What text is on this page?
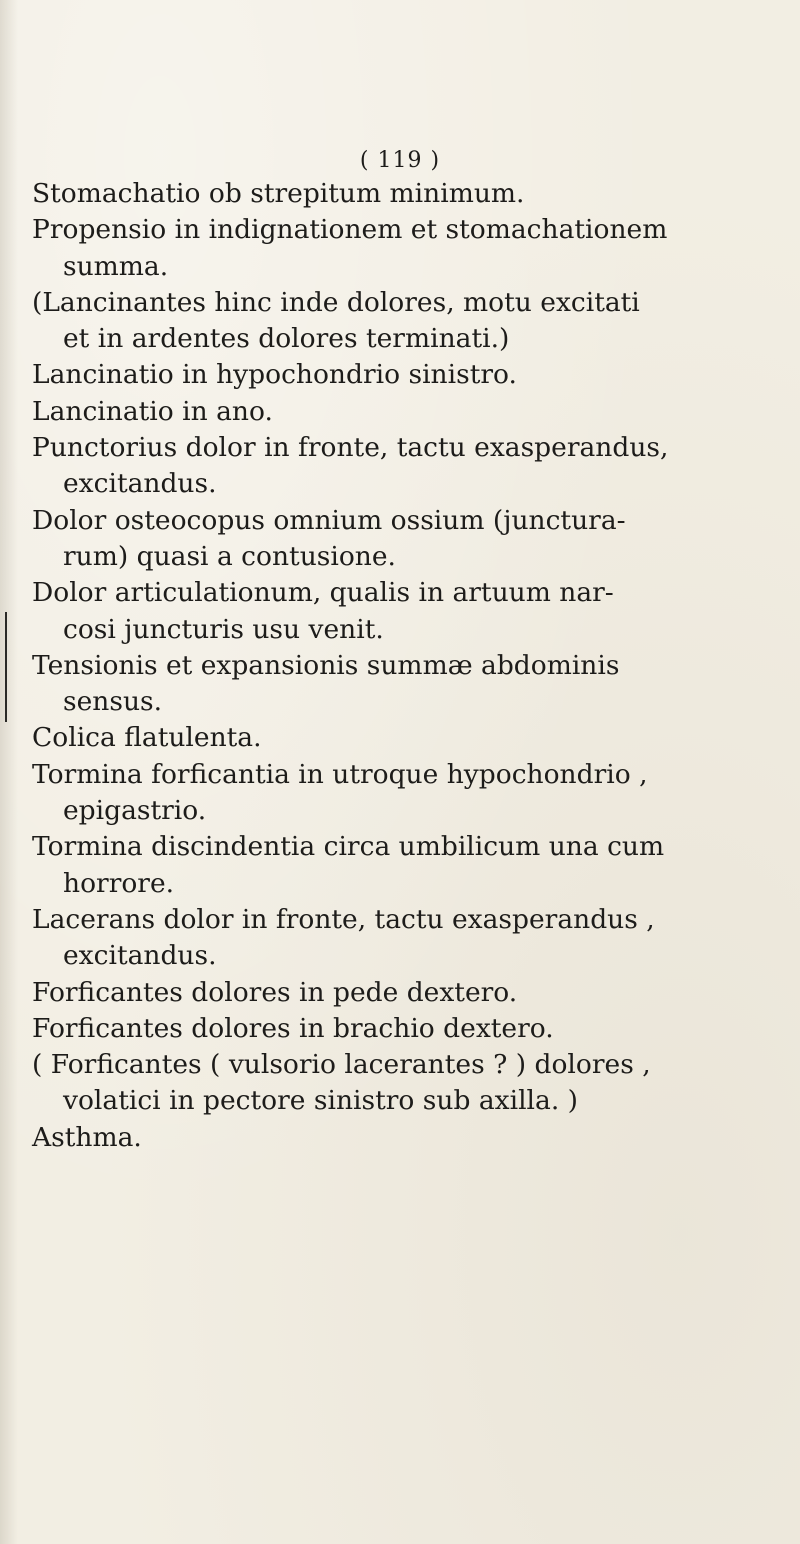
( 119 )
Stomachatio ob strepitum minimum.
Propensio in indignationem et stomachationem
summa.
(Lancinantes hinc inde dolores, motu excitati
et in ardentes dolores terminati.)
Lancinatio in hypochondrio sinistro.
Lancinatio in ano.
Punctorius dolor in fronte, tactu exasperandus,
excitandus.
Dolor osteocopus omnium ossium (junctura-
rum) quasi a contusione.
Dolor articulationum, qualis in artuum nar-
cosi juncturis usu venit.
Tensionis et expansionis summæ abdominis
sensus.
Colica flatulenta.
Tormina forficantia in utroque hypochondrio ,
epigastrio.
Tormina discindentia circa umbilicum una cum
horrore.
Lacerans dolor in fronte, tactu exasperandus ,
excitandus.
Forficantes dolores in pede dextero.
Forficantes dolores in brachio dextero.
( Forficantes ( vulsorio lacerantes ? ) dolores ,
volatici in pectore sinistro sub axilla. )
Asthma.
